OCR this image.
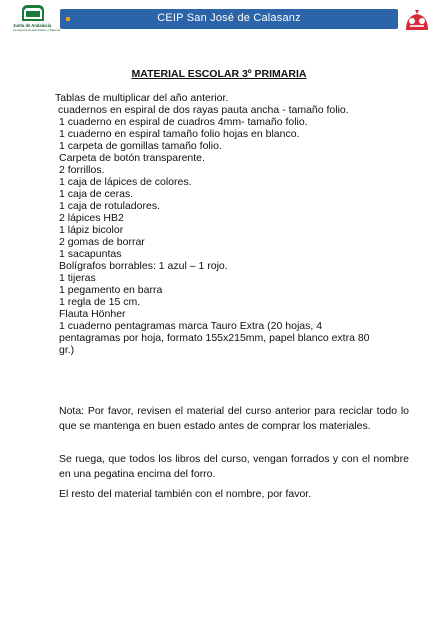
Junta de Andalucía
Consejería de Educación y Deporte
CEIP San José de Calasanz
MATERIAL ESCOLAR 3º PRIMARIA
Tablas de multiplicar del año anterior.
cuadernos en espiral de dos rayas pauta ancha - tamaño folio.
1 cuaderno en espiral de cuadros 4mm- tamaño folio.
1 cuaderno en espiral tamaño folio hojas en blanco.
1 carpeta de gomillas tamaño folio.
Carpeta de botón transparente.
2 forrillos.
1 caja de lápices de colores.
1 caja de ceras.
1 caja de rotuladores.
2 lápices HB2
1 lápiz bicolor
2 gomas de borrar
1 sacapuntas
Bolígrafos borrables: 1 azul – 1 rojo.
1 tijeras
1 pegamento en barra
1 regla de 15 cm.
Flauta Hönher
1 cuaderno pentagramas marca Tauro Extra (20 hojas, 4
pentagramas por hoja, formato 155x215mm, papel blanco extra 80
gr.)

Nota: Por favor, revisen el material del curso anterior para reciclar todo lo que se mantenga en buen estado antes de comprar los materiales.

Se ruega, que todos los libros del curso, vengan forrados y con el nombre en una pegatina encima del forro.

El resto del material también con el nombre, por favor.
